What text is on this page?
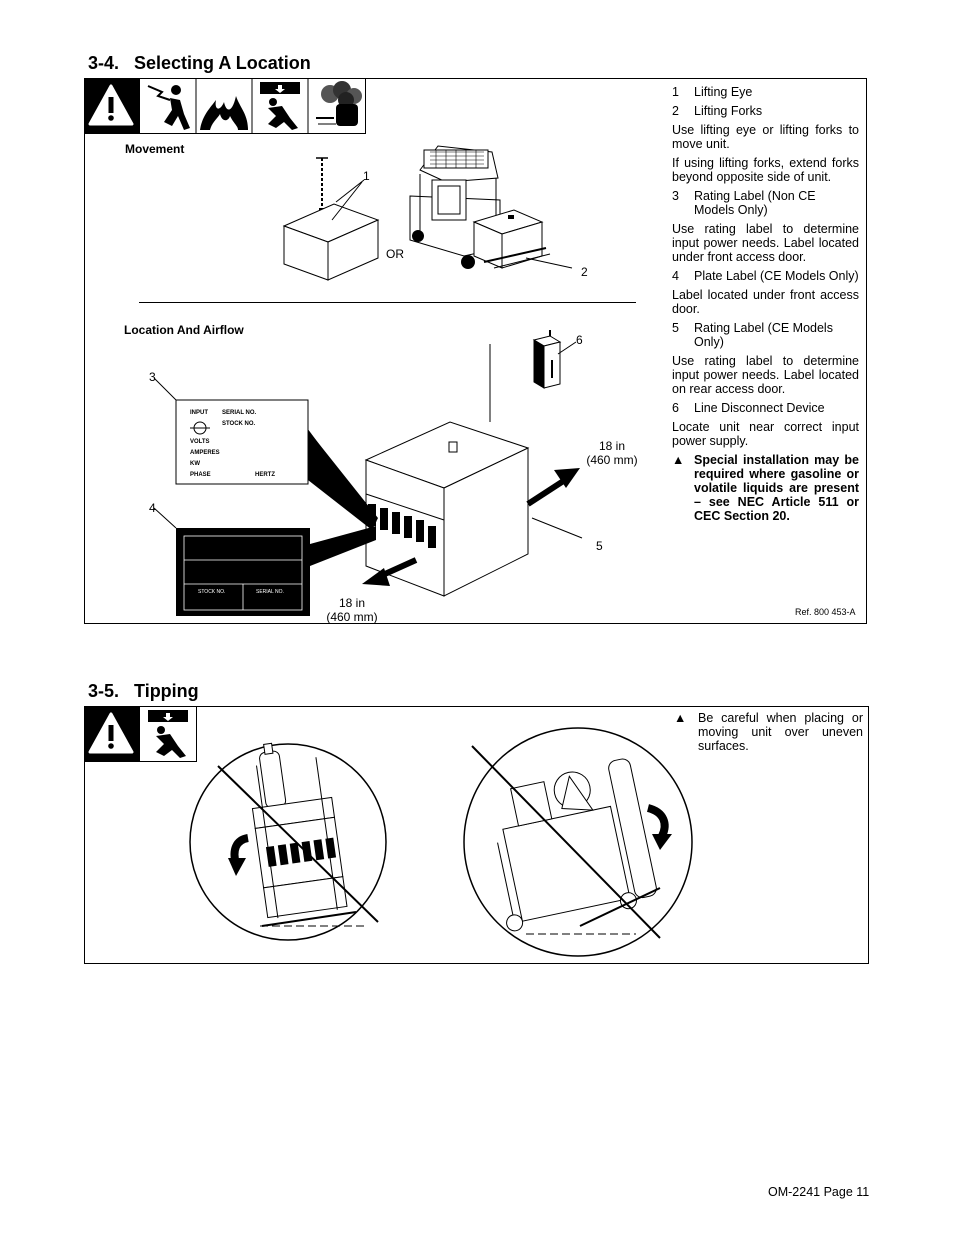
3-4.   Selecting A Location
Movement
1
OR
2
Location And Airflow
6
3
4
5
INPUT SERIAL NO.
STOCK NO.
VOLTS
AMPERES
KW
PHASE	HERTZ
STOCK NO.	SERIAL NO.
18 in
(460 mm)
18 in
(460 mm)	Ref. 800 453-A
1	Lifting Eye
2	Lifting Forks

Use lifting eye or lifting forks to move unit.

If using lifting forks, extend forks beyond opposite side of unit.

3	Rating Label (Non CE Models Only)

Use rating label to determine input power needs. Label located under front access door.

4	Plate Label (CE Models Only)

Label located under front access door.

5	Rating Label (CE Models Only)

Use rating label to determine input power needs. Label located on rear access door.

6	Line Disconnect Device

Locate unit near correct input power supply.

▲ Special installation may be required where gasoline or volatile liquids are present – see NEC Article 511 or CEC Section 20.
3-5.   Tipping
▲ Be careful when placing or moving unit over uneven surfaces.
OM-2241 Page 11
